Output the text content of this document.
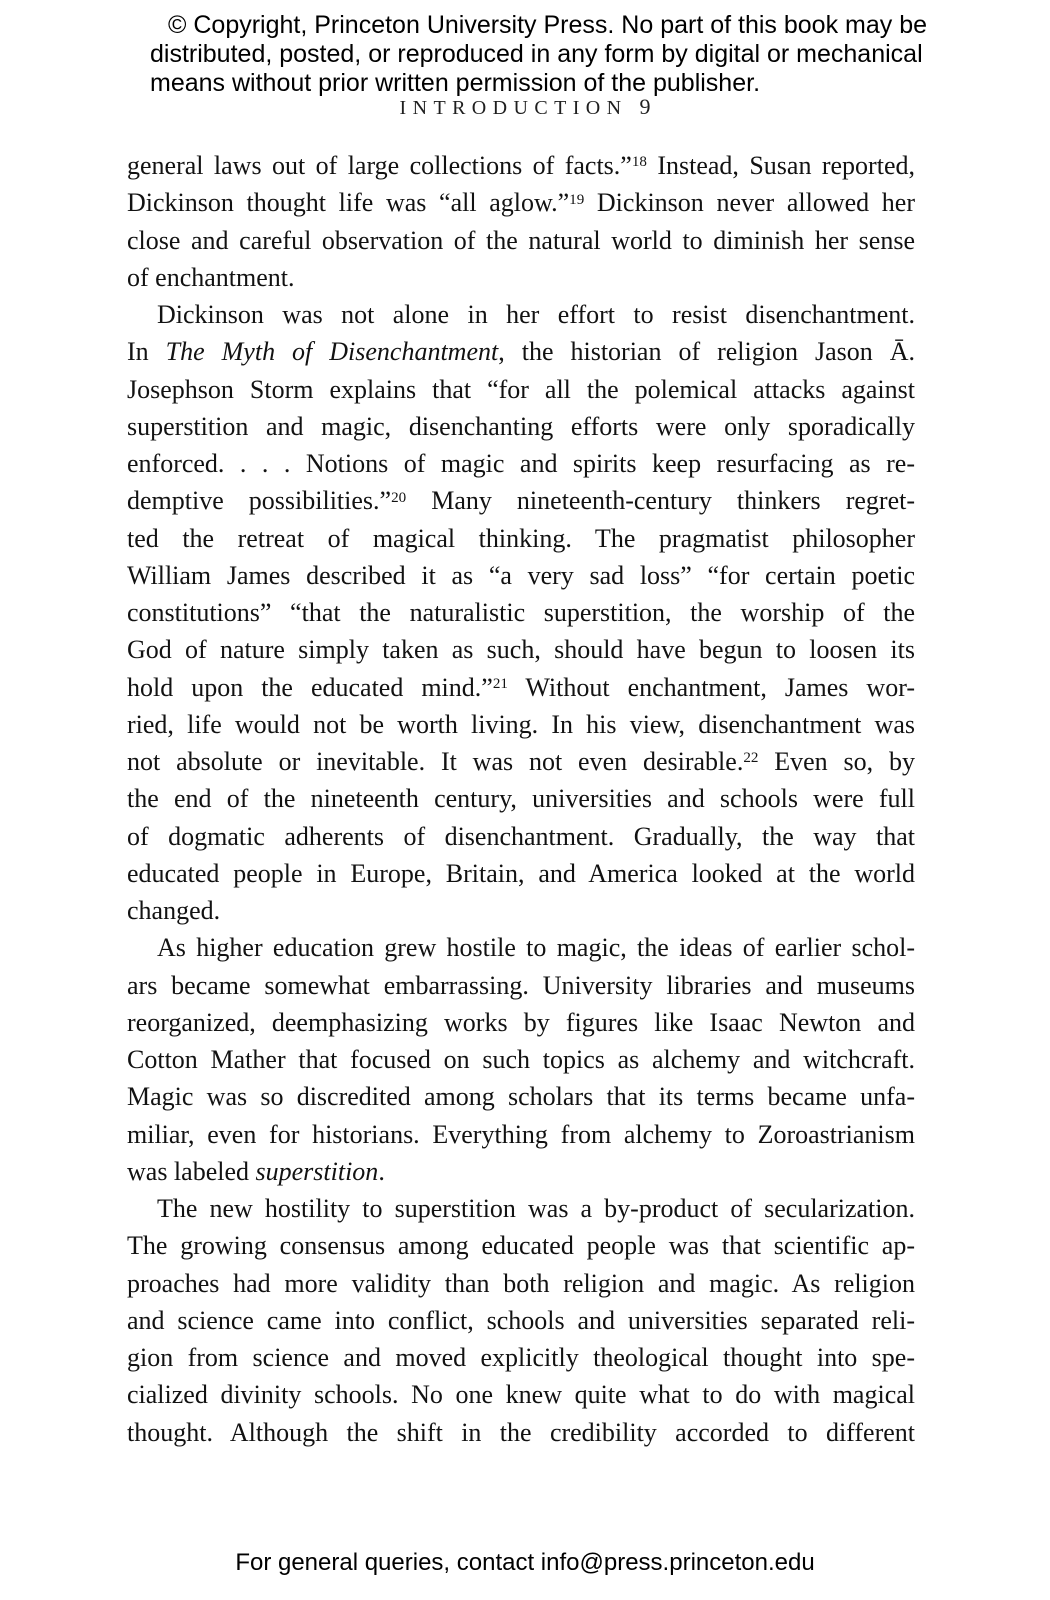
© Copyright, Princeton University Press. No part of this book may be
distributed, posted, or reproduced in any form by digital or mechanical
means without prior written permission of the publisher.
INTRODUCTION 9
general laws out of large collections of facts.”$^{18}$ Instead, Susan reported,
Dickinson thought life was “all aglow.”$^{19}$ Dickinson never allowed her
close and careful observation of the natural world to diminish her sense
of enchantment.
Dickinson was not alone in her effort to resist disenchantment.
In The Myth of Disenchantment, the historian of religion Jason Ā.
Josephson Storm explains that “for all the polemical attacks against
superstition and magic, disenchanting efforts were only sporadically
enforced. . . . Notions of magic and spirits keep resurfacing as re-
demptive possibilities.”$^{20}$ Many nineteenth-century thinkers regret-
ted the retreat of magical thinking. The pragmatist philosopher
William James described it as “a very sad loss” “for certain poetic
constitutions” “that the naturalistic superstition, the worship of the
God of nature simply taken as such, should have begun to loosen its
hold upon the educated mind.”$^{21}$ Without enchantment, James wor-
ried, life would not be worth living. In his view, disenchantment was
not absolute or inevitable. It was not even desirable.$^{22}$ Even so, by
the end of the nineteenth century, universities and schools were full
of dogmatic adherents of disenchantment. Gradually, the way that
educated people in Europe, Britain, and America looked at the world
changed.
As higher education grew hostile to magic, the ideas of earlier schol-
ars became somewhat embarrassing. University libraries and museums
reorganized, deemphasizing works by figures like Isaac Newton and
Cotton Mather that focused on such topics as alchemy and witchcraft.
Magic was so discredited among scholars that its terms became unfa-
miliar, even for historians. Everything from alchemy to Zoroastrianism
was labeled superstition.
The new hostility to superstition was a by-product of secularization.
The growing consensus among educated people was that scientific ap-
proaches had more validity than both religion and magic. As religion
and science came into conflict, schools and universities separated reli-
gion from science and moved explicitly theological thought into spe-
cialized divinity schools. No one knew quite what to do with magical
thought. Although the shift in the credibility accorded to different
For general queries, contact info@press.princeton.edu
